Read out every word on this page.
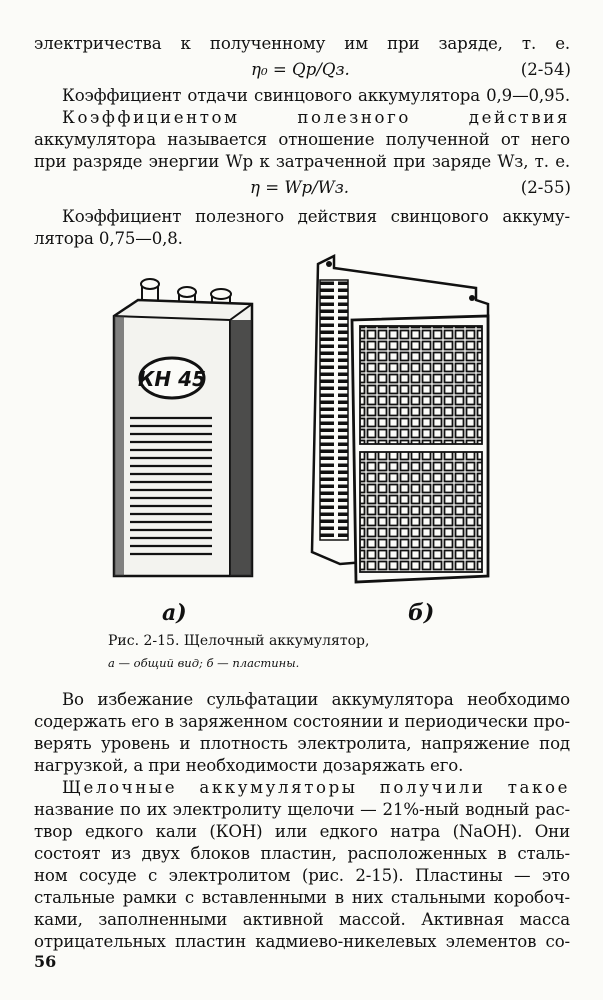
электричества к полученному им при заряде, т. е.

η₀ = Qр/Qз.	(2-54)

Коэффициент отдачи свинцового аккумулятора 0,9—0,95.

Коэффициентом полезного действия

аккумулятора называется отношение полученной от него

при разряде энергии Wр к затраченной при заряде Wз, т. е.

η = Wр/Wз.	(2-55)

Коэффициент полезного действия свинцового аккуму-

лятора 0,75—0,8.

КН 45
а)	б)
Рис. 2-15. Щелочный аккумулятор,
а — общий вид; б — пластины.

Во избежание сульфатации аккумулятора необходимо

содержать его в заряженном состоянии и периодически про-

верять уровень и плотность электролита, напряжение под

нагрузкой, а при необходимости дозаряжать его.

Щелочные аккумуляторы получили такое

название по их электролиту щелочи — 21%-ный водный рас-

твор едкого кали (КОН) или едкого натра (NaOH). Они

состоят из двух блоков пластин, расположенных в сталь-

ном сосуде с электролитом (рис. 2-15). Пластины — это

стальные рамки с вставленными в них стальными коробоч-

ками, заполненными активной массой. Активная масса

отрицательных пластин кадмиево-никелевых элементов со-

56
